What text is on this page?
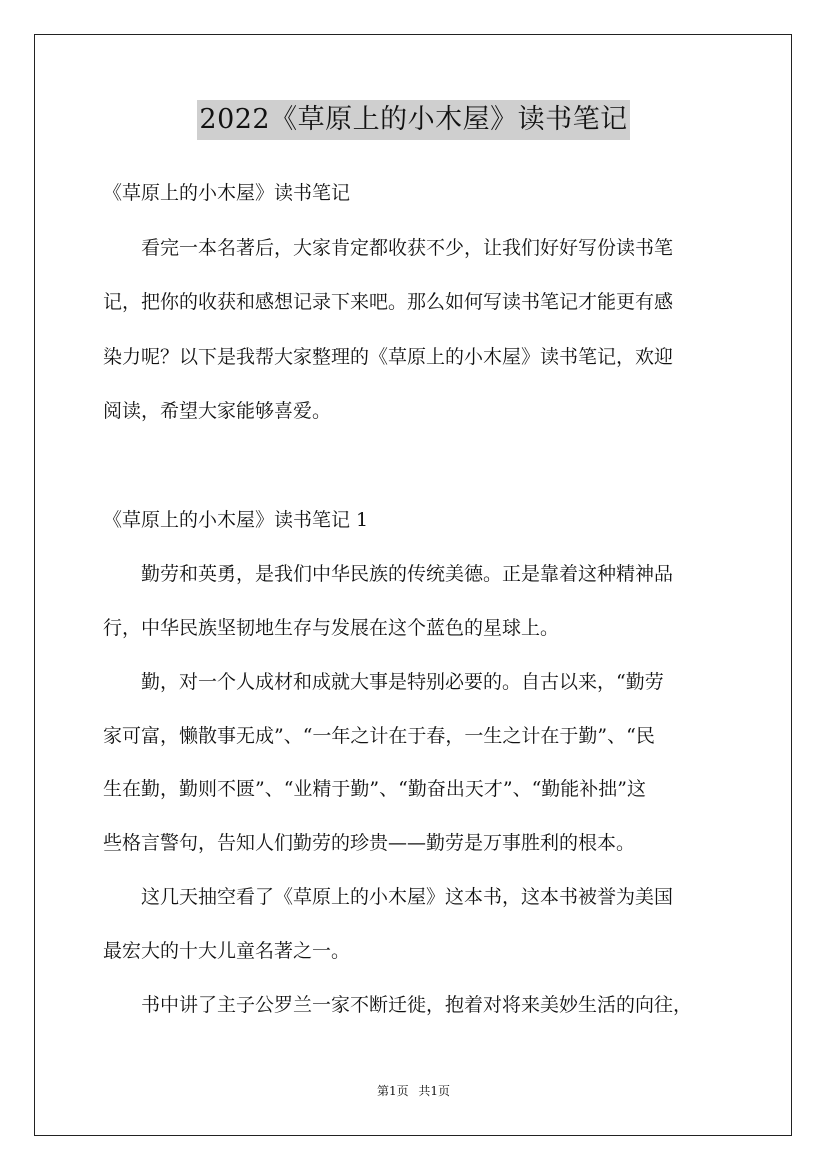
2022《草原上的小木屋》读书笔记
《草原上的小木屋》读书笔记
看完一本名著后，大家肯定都收获不少，让我们好好写份读书笔
记，把你的收获和感想记录下来吧。那么如何写读书笔记才能更有感
染力呢？以下是我帮大家整理的《草原上的小木屋》读书笔记，欢迎
阅读，希望大家能够喜爱。
《草原上的小木屋》读书笔记 1
勤劳和英勇，是我们中华民族的传统美德。正是靠着这种精神品
行，中华民族坚韧地生存与发展在这个蓝色的星球上。
勤，对一个人成材和成就大事是特别必要的。自古以来，“勤劳
家可富，懒散事无成”、“一年之计在于春，一生之计在于勤”、“民
生在勤，勤则不匮”、“业精于勤”、“勤奋出天才”、“勤能补拙”这
些格言警句，告知人们勤劳的珍贵——勤劳是万事胜利的根本。
这几天抽空看了《草原上的小木屋》这本书，这本书被誉为美国
最宏大的十大儿童名著之一。
书中讲了主子公罗兰一家不断迁徙，抱着对将来美妙生活的向往，
第1页 共1页
